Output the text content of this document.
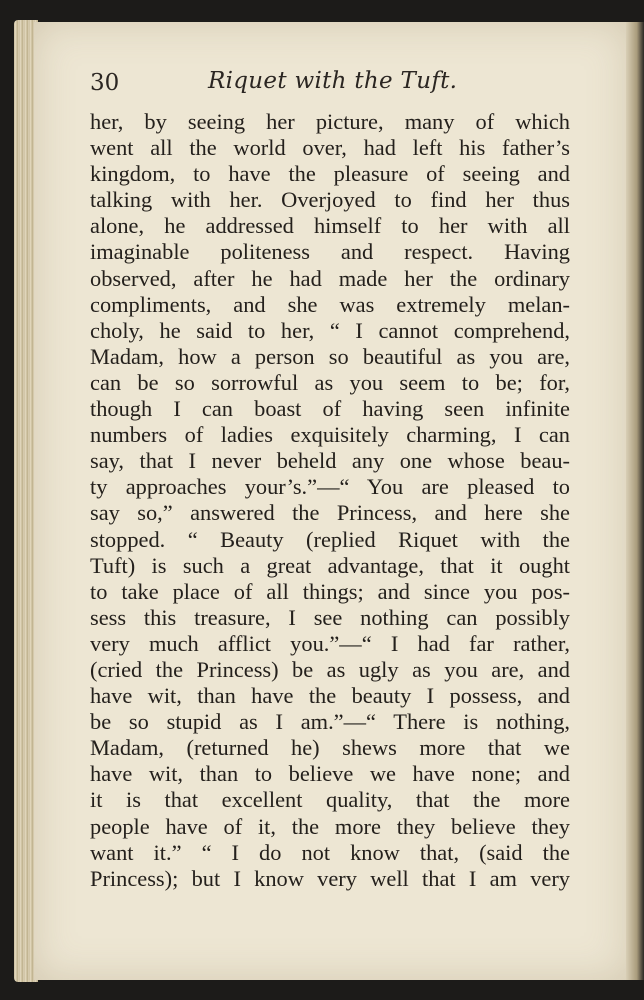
30	Riquet with the Tuft.
her, by seeing her picture, many of which
went all the world over, had left his father’s
kingdom, to have the pleasure of seeing and
talking with her. Overjoyed to find her thus
alone, he addressed himself to her with all
imaginable politeness and respect. Having
observed, after he had made her the ordinary
compliments, and she was extremely melan-
choly, he said to her, “ I cannot comprehend,
Madam, how a person so beautiful as you are,
can be so sorrowful as you seem to be; for,
though I can boast of having seen infinite
numbers of ladies exquisitely charming, I can
say, that I never beheld any one whose beau-
ty approaches your’s.”—“ You are pleased to
say so,” answered the Princess, and here she
stopped. “ Beauty (replied Riquet with the
Tuft) is such a great advantage, that it ought
to take place of all things; and since you pos-
sess this treasure, I see nothing can possibly
very much afflict you.”—“ I had far rather,
(cried the Princess) be as ugly as you are, and
have wit, than have the beauty I possess, and
be so stupid as I am.”—“ There is nothing,
Madam, (returned he) shews more that we
have wit, than to believe we have none; and
it is that excellent quality, that the more
people have of it, the more they believe they
want it.” “ I do not know that, (said the
Princess); but I know very well that I am very
